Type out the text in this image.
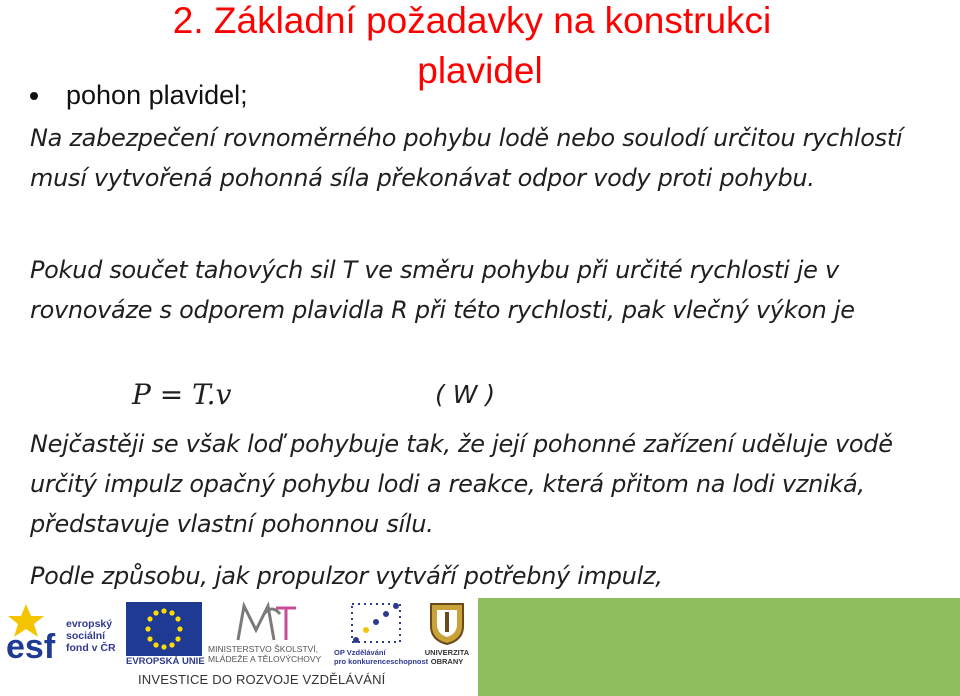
2. Základní požadavky na konstrukci
plavidel
pohon plavidel;

Na zabezpečení rovnoměrného pohybu lodě nebo soulodí určitou rychlostí musí vytvořená pohonná síla překonávat odpor vody proti pohybu.

Pokud součet tahových sil T ve směru pohybu při určité rychlosti je v rovnováze s odporem plavidla R při této rychlosti, pak vlečný výkon je

P = T.v	( W )

Nejčastěji se však loď pohybuje tak, že její pohonné zařízení uděluje vodě určitý impulz opačný pohybu lodi a reakce, která přitom na lodi vzniká, představuje vlastní pohonnou sílu.

Podle způsobu, jak propulzor vytváří potřebný impulz,

esf
evropský
sociální
fond v ČR
EVROPSKÁ UNIE
MINISTERSTVO ŠKOLSTVÍ,
MLÁDEŽE A TĚLOVÝCHOVY
OP Vzdělávání
pro konkurenceschopnost
UNIVERZITA
OBRANY
INVESTICE DO ROZVOJE VZDĚLÁVÁNÍ
